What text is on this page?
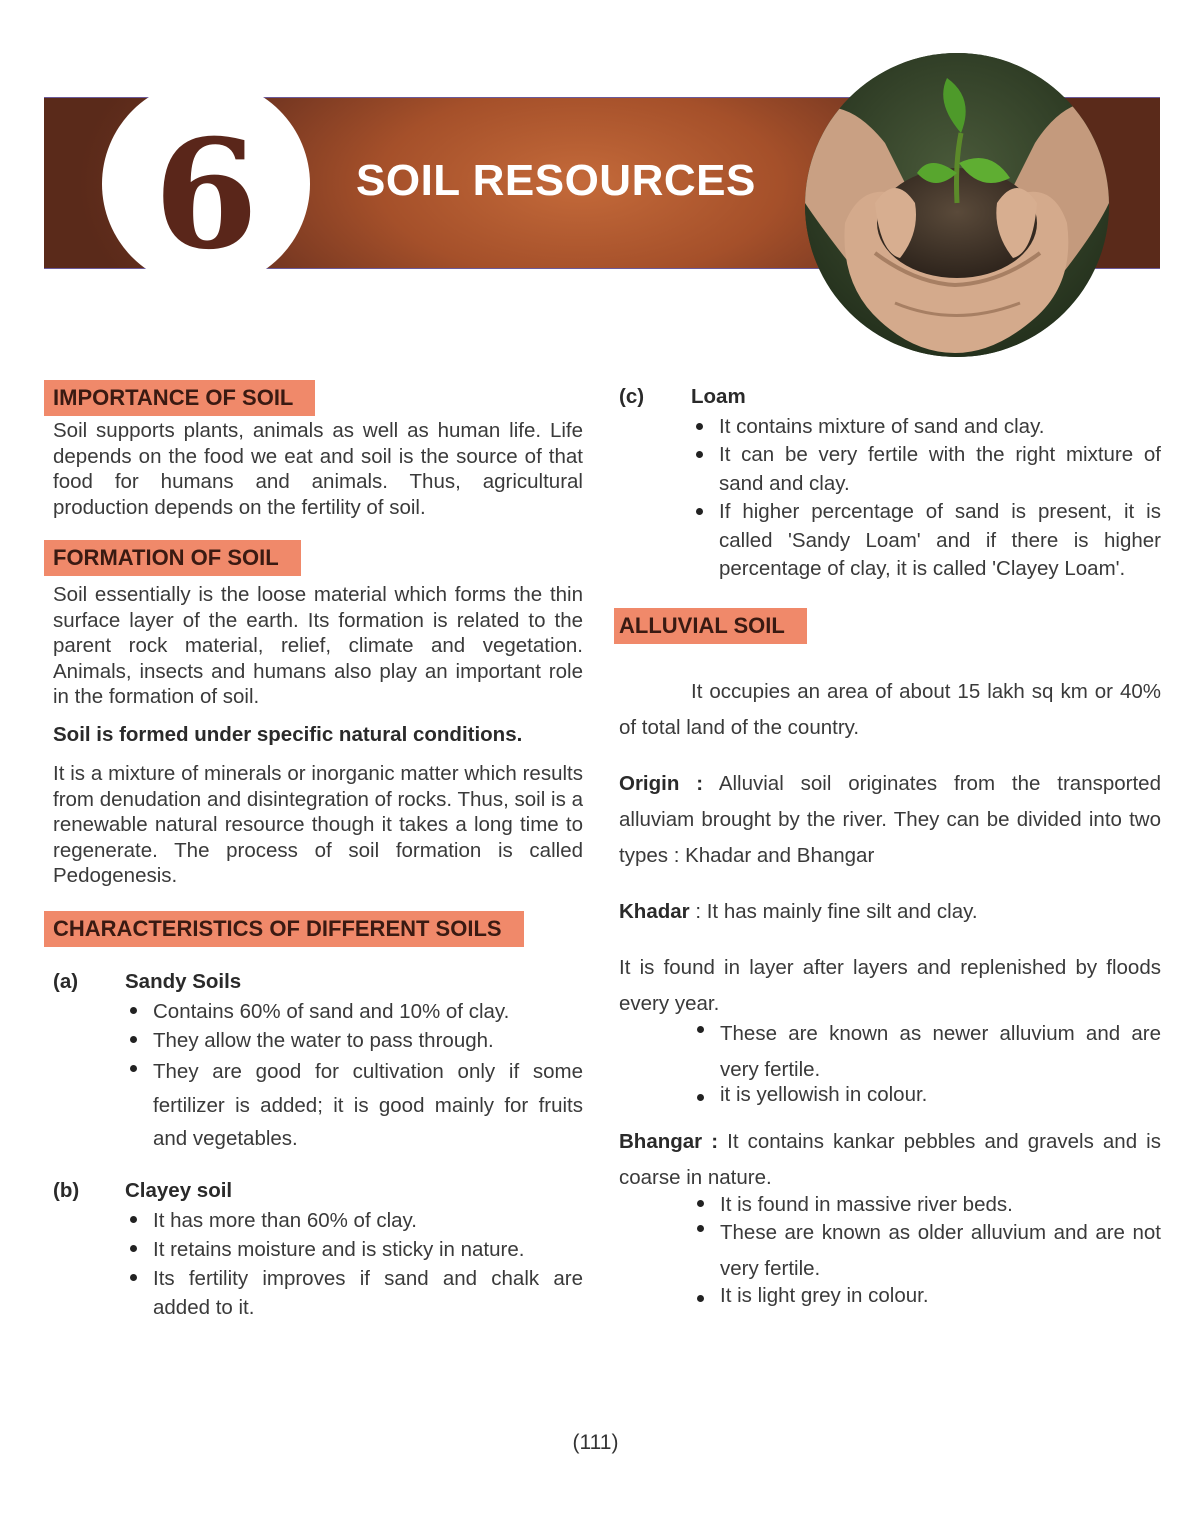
6 SOIL RESOURCES
IMPORTANCE OF SOIL

Soil supports plants, animals as well as human life. Life depends on the food we eat and soil is the source of that food for humans and animals. Thus, agricultural production depends on the fertility of soil.

FORMATION OF SOIL

Soil essentially is the loose material which forms the thin surface layer of the earth. Its formation is related to the parent rock material, relief, climate and vegetation. Animals, insects and humans also play an important role in the formation of soil.

Soil is formed under specific natural conditions.

It is a mixture of minerals or inorganic matter which results from denudation and disintegration of rocks. Thus, soil is a renewable natural resource though it takes a long time to regenerate. The process of soil formation is called Pedogenesis.

CHARACTERISTICS OF DIFFERENT SOILS
(a)	Sandy Soils
Contains 60% of sand and 10% of clay.
They allow the water to pass through.
They are good for cultivation only if some fertilizer is added; it is good mainly for fruits and vegetables.
(b)	Clayey soil
It has more than 60% of clay.
It retains moisture and is sticky in nature.
Its fertility improves if sand and chalk are added to it.
(c)	Loam
It contains mixture of sand and clay.
It can be very fertile with the right mixture of sand and clay.
If higher percentage of sand is present, it is called 'Sandy Loam' and if there is higher percentage of clay, it is called 'Clayey Loam'.
ALLUVIAL SOIL

It occupies an area of about 15 lakh sq km or 40% of total land of the country.

Origin : Alluvial soil originates from the transported alluviam brought by the river. They can be divided into two types : Khadar and Bhangar

Khadar : It has mainly fine silt and clay.

It is found in layer after layers and replenished by floods every year.

These are known as newer alluvium and are very fertile.
it is yellowish in colour.

Bhangar : It contains kankar pebbles and gravels and is coarse in nature.

It is found in massive river beds.
These are known as older alluvium and are not very fertile.
It is light grey in colour.
(111)
